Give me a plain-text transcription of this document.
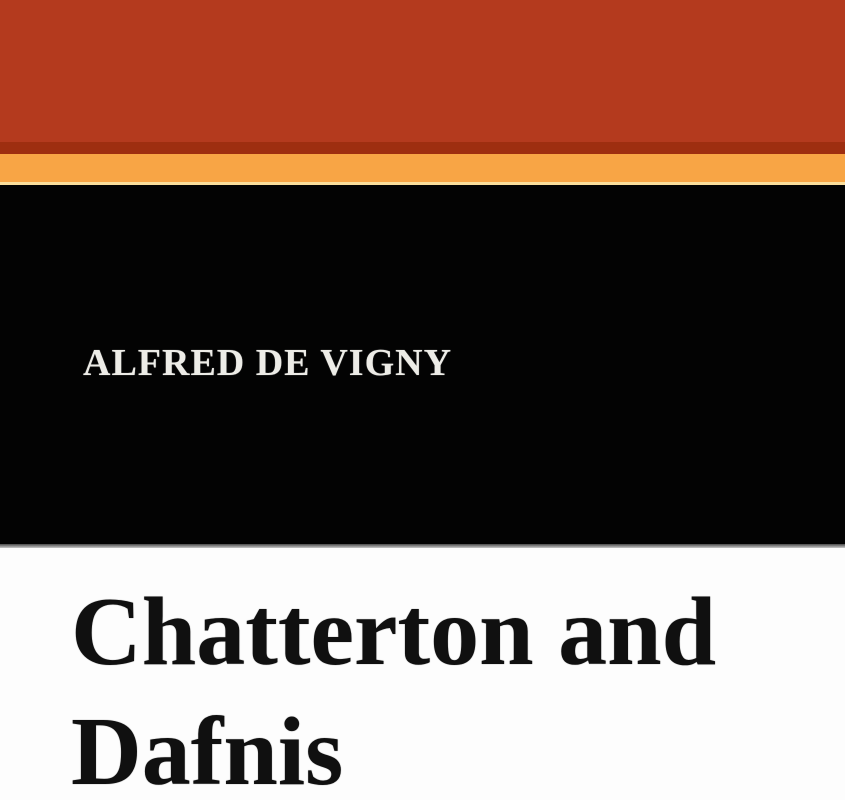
ALFRED DE VIGNY
Chatterton and
Dafnis
